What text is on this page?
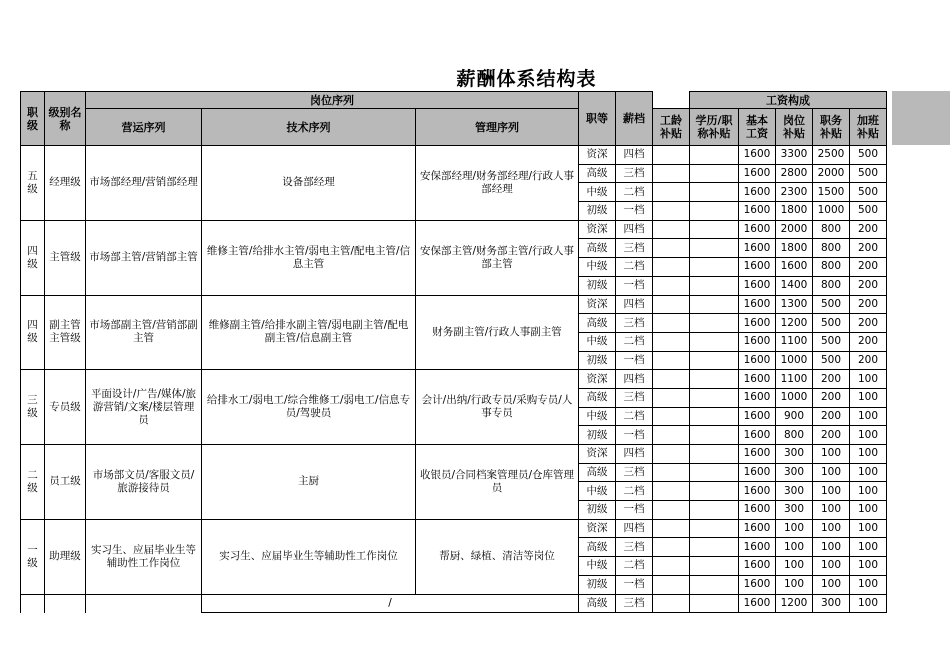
薪酬体系结构表
职级	级别名称	岗位序列			职等	薪档		工资构成				
		营运序列	技术序列	管理序列			工龄补贴	学历/职称补贴	基本工资	岗位补贴	职务补贴	加班补贴
五级	经理级	市场部经理/营销部经理	设备部经理	安保部经理/财务部经理/行政人事部经理	资深	四档			1600	3300	2500	500
					高级	三档			1600	2800	2000	500
					中级	二档			1600	2300	1500	500
					初级	一档			1600	1800	1000	500
四级	主管级	市场部主管/营销部主管	维修主管/给排水主管/弱电主管/配电主管/信息主管	安保部主管/财务部主管/行政人事部主管	资深	四档			1600	2000	800	200
					高级	三档			1600	1800	800	200
					中级	二档			1600	1600	800	200
					初级	一档			1600	1400	800	200
四级	副主管主管级	市场部副主管/营销部副主管	维修副主管/给排水副主管/弱电副主管/配电副主管/信息副主管	财务副主管/行政人事副主管	资深	四档			1600	1300	500	200
					高级	三档			1600	1200	500	200
					中级	二档			1600	1100	500	200
					初级	一档			1600	1000	500	200
三级	专员级	平面设计/广告/媒体/旅游营销/文案/楼层管理员	给排水工/弱电工/综合维修工/弱电工/信息专员/驾驶员	会计/出纳/行政专员/采购专员/人事专员	资深	四档			1600	1100	200	100
					高级	三档			1600	1000	200	100
					中级	二档			1600	900	200	100
					初级	一档			1600	800	200	100
二级	员工级	市场部文员/客服文员/旅游接待员	主厨	收银员/合同档案管理员/仓库管理员	资深	四档			1600	300	100	100
					高级	三档			1600	300	100	100
					中级	二档			1600	300	100	100
					初级	一档			1600	300	100	100
一级	助理级	实习生、应届毕业生等辅助性工作岗位	实习生、应届毕业生等辅助性工作岗位	帮厨、绿植、清洁等岗位	资深	四档			1600	100	100	100
					高级	三档			1600	100	100	100
					中级	二档			1600	100	100	100
					初级	一档			1600	100	100	100
			/		高级	三档			1600	1200	300	100
